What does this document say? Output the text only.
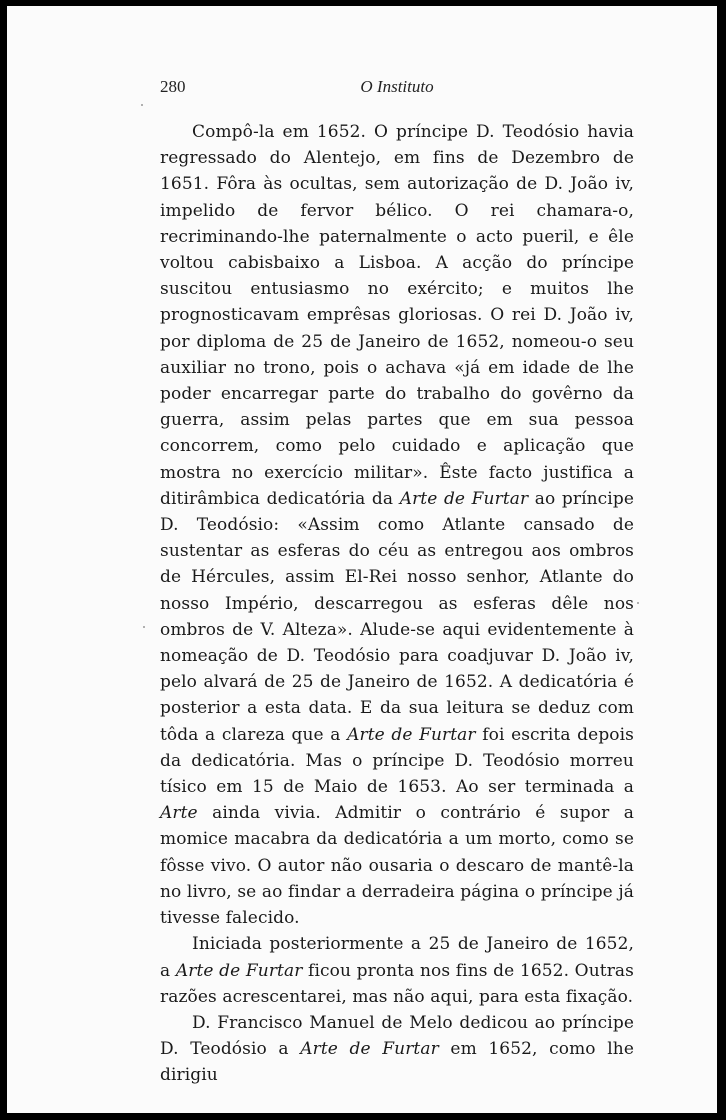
280	O Instituto

Compô-la em 1652. O príncipe D. Teodósio havia regressado do Alentejo, em fins de Dezembro de 1651. Fôra às ocultas, sem autorização de D. João iv, impelido de fervor bélico. O rei chamara-o, recriminando-lhe paternalmente o acto pueril, e êle voltou cabisbaixo a Lisboa. A acção do príncipe suscitou entusiasmo no exército; e muitos lhe prognosticavam emprêsas gloriosas. O rei D. João iv, por diploma de 25 de Janeiro de 1652, nomeou-o seu auxiliar no trono, pois o achava «já em idade de lhe poder encarregar parte do trabalho do govêrno da guerra, assim pelas partes que em sua pessoa concorrem, como pelo cuidado e aplicação que mostra no exercício militar». Êste facto justifica a ditirâmbica dedicatória da Arte de Furtar ao príncipe D. Teodósio: «Assim como Atlante cansado de sustentar as esferas do céu as entregou aos ombros de Hércules, assim El-Rei nosso senhor, Atlante do nosso Império, descarregou as esferas dêle nos ombros de V. Alteza». Alude-se aqui evidentemente à nomeação de D. Teodósio para coadjuvar D. João iv, pelo alvará de 25 de Janeiro de 1652. A dedicatória é posterior a esta data. E da sua leitura se deduz com tôda a clareza que a Arte de Furtar foi escrita depois da dedicatória. Mas o príncipe D. Teodósio morreu tísico em 15 de Maio de 1653. Ao ser terminada a Arte ainda vivia. Admitir o contrário é supor a momice macabra da dedicatória a um morto, como se fôsse vivo. O autor não ousaria o descaro de mantê-la no livro, se ao findar a derradeira página o príncipe já tivesse falecido.

Iniciada posteriormente a 25 de Janeiro de 1652, a Arte de Furtar ficou pronta nos fins de 1652. Outras razões acrescentarei, mas não aqui, para esta fixação.

D. Francisco Manuel de Melo dedicou ao príncipe D. Teodósio a Arte de Furtar em 1652, como lhe dirigiu
